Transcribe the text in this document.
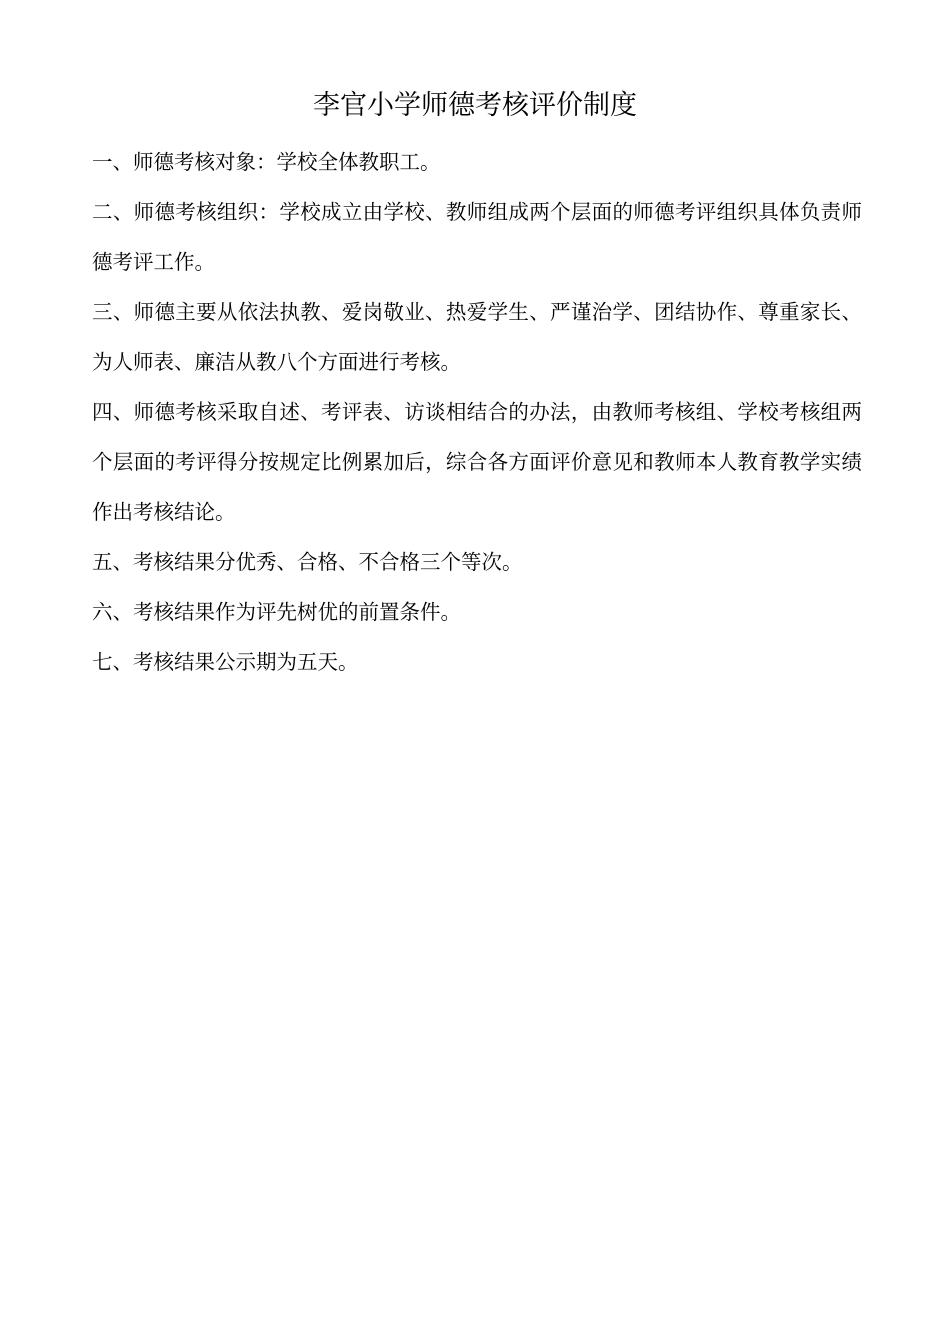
李官小学师德考核评价制度

一、师德考核对象：学校全体教职工。

二、师德考核组织：学校成立由学校、教师组成两个层面的师德考评组织具体负责师德考评工作。

三、师德主要从依法执教、爱岗敬业、热爱学生、严谨治学、团结协作、尊重家长、为人师表、廉洁从教八个方面进行考核。

四、师德考核采取自述、考评表、访谈相结合的办法，由教师考核组、学校考核组两个层面的考评得分按规定比例累加后，综合各方面评价意见和教师本人教育教学实绩作出考核结论。

五、考核结果分优秀、合格、不合格三个等次。

六、考核结果作为评先树优的前置条件。

七、考核结果公示期为五天。
